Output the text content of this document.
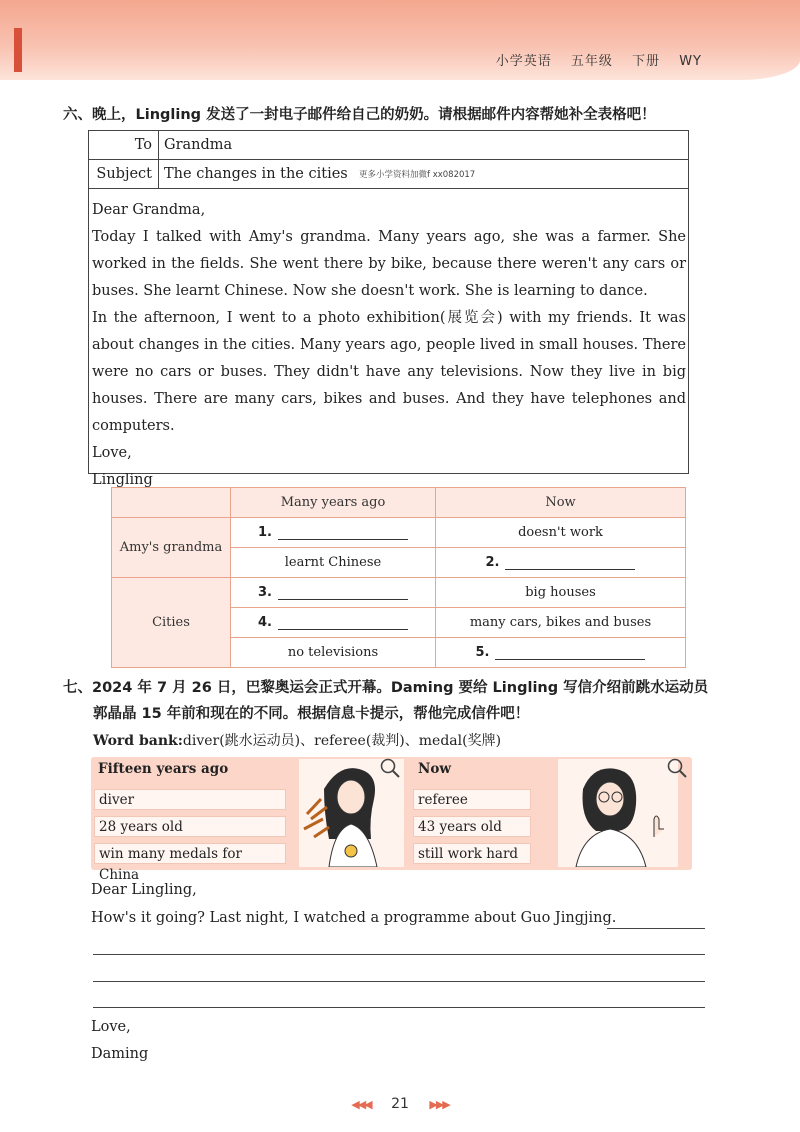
小学英语 五年级 下册 WY
六、晚上，Lingling 发送了一封电子邮件给自己的奶奶。请根据邮件内容帮她补全表格吧！
To Grandma
Subject The changes in the cities 更多小学资料加微f xx082017

Dear Grandma,

Today I talked with Amy's grandma. Many years ago, she was a farmer. She worked in the fields. She went there by bike, because there weren't any cars or buses. She learnt Chinese. Now she doesn't work. She is learning to dance.

In the afternoon, I went to a photo exhibition(展览会) with my friends. It was about changes in the cities. Many years ago, people lived in small houses. There were no cars or buses. They didn't have any televisions. Now they live in big houses. There are many cars, bikes and buses. And they have telephones and computers.

Love,

Lingling

	Many years ago	Now
Amy's grandma	1.	doesn't work
	learnt Chinese	2.
Cities	3.	big houses
	4.	many cars, bikes and buses
	no televisions	5.
七、2024 年 7 月 26 日，巴黎奥运会正式开幕。Daming 要给 Lingling 写信介绍前跳水运动员
郭晶晶 15 年前和现在的不同。根据信息卡提示，帮他完成信件吧！
Word bank:diver(跳水运动员)、referee(裁判)、medal(奖牌)
Fifteen years ago
diver
28 years old
win many medals for China
Now
referee
43 years old
still work hard
Dear Lingling,
How's it going? Last night, I watched a programme about Guo Jingjing.
Love,
Daming
◀◀◀ 21 ▶▶▶
